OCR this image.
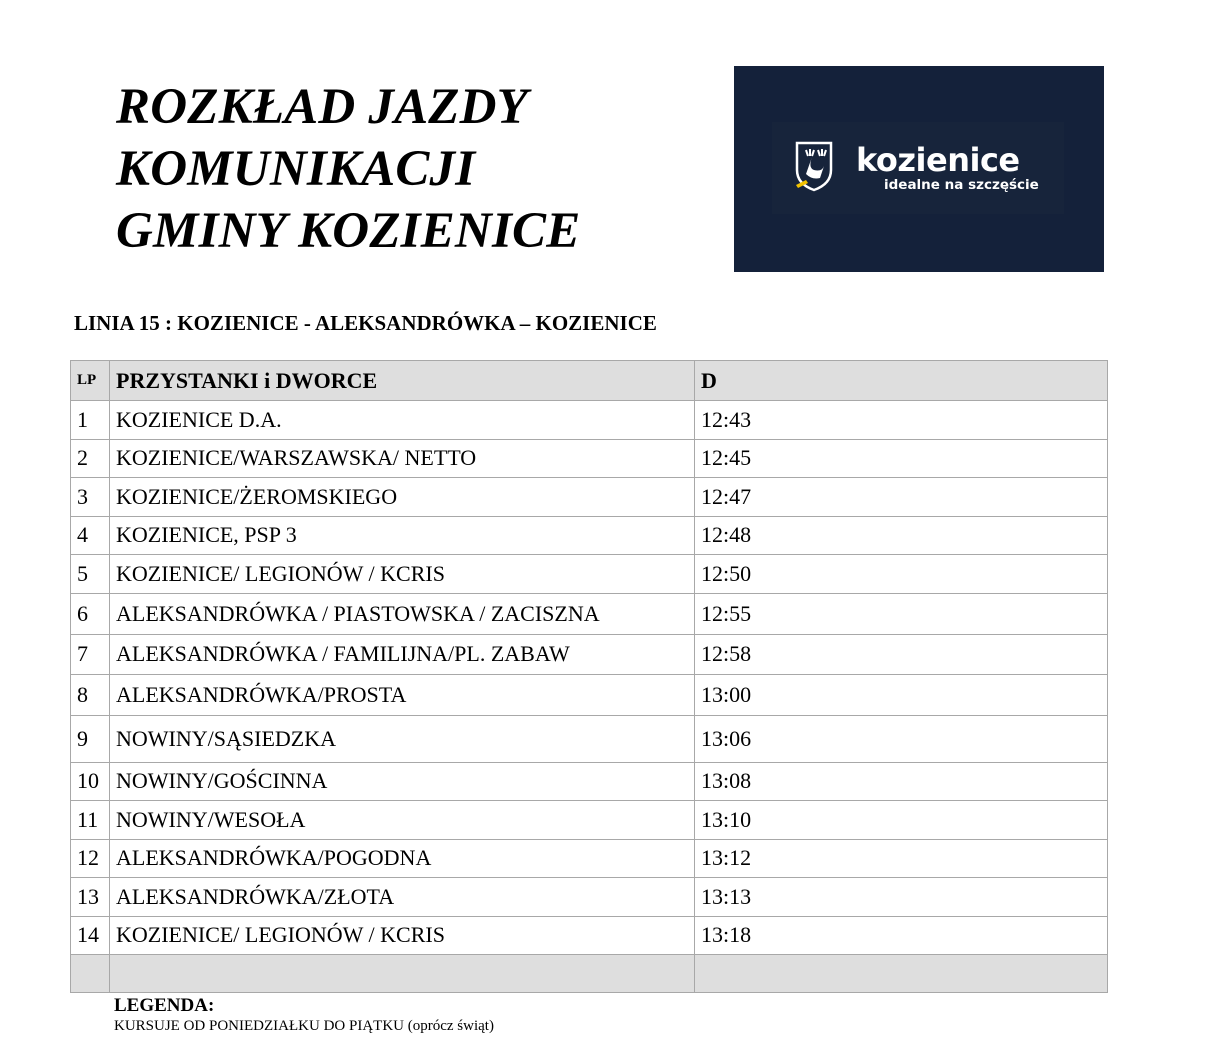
ROZKŁAD JAZDY
KOMUNIKACJI
GMINY KOZIENICE
kozienice
idealne na szczęście
LINIA 15 : KOZIENICE - ALEKSANDRÓWKA – KOZIENICE
LP	PRZYSTANKI i DWORCE	D
1	KOZIENICE D.A.	12:43
2	KOZIENICE/WARSZAWSKA/ NETTO	12:45
3	KOZIENICE/ŻEROMSKIEGO	12:47
4	KOZIENICE, PSP 3	12:48
5	KOZIENICE/ LEGIONÓW / KCRIS	12:50
6	ALEKSANDRÓWKA / PIASTOWSKA / ZACISZNA	12:55
7	ALEKSANDRÓWKA / FAMILIJNA/PL. ZABAW	12:58
8	ALEKSANDRÓWKA/PROSTA	13:00
9	NOWINY/SĄSIEDZKA	13:06
10	NOWINY/GOŚCINNA	13:08
11	NOWINY/WESOŁA	13:10
12	ALEKSANDRÓWKA/POGODNA	13:12
13	ALEKSANDRÓWKA/ZŁOTA	13:13
14	KOZIENICE/ LEGIONÓW / KCRIS	13:18

LEGENDA:
KURSUJE OD PONIEDZIAŁKU DO PIĄTKU (oprócz świąt)
